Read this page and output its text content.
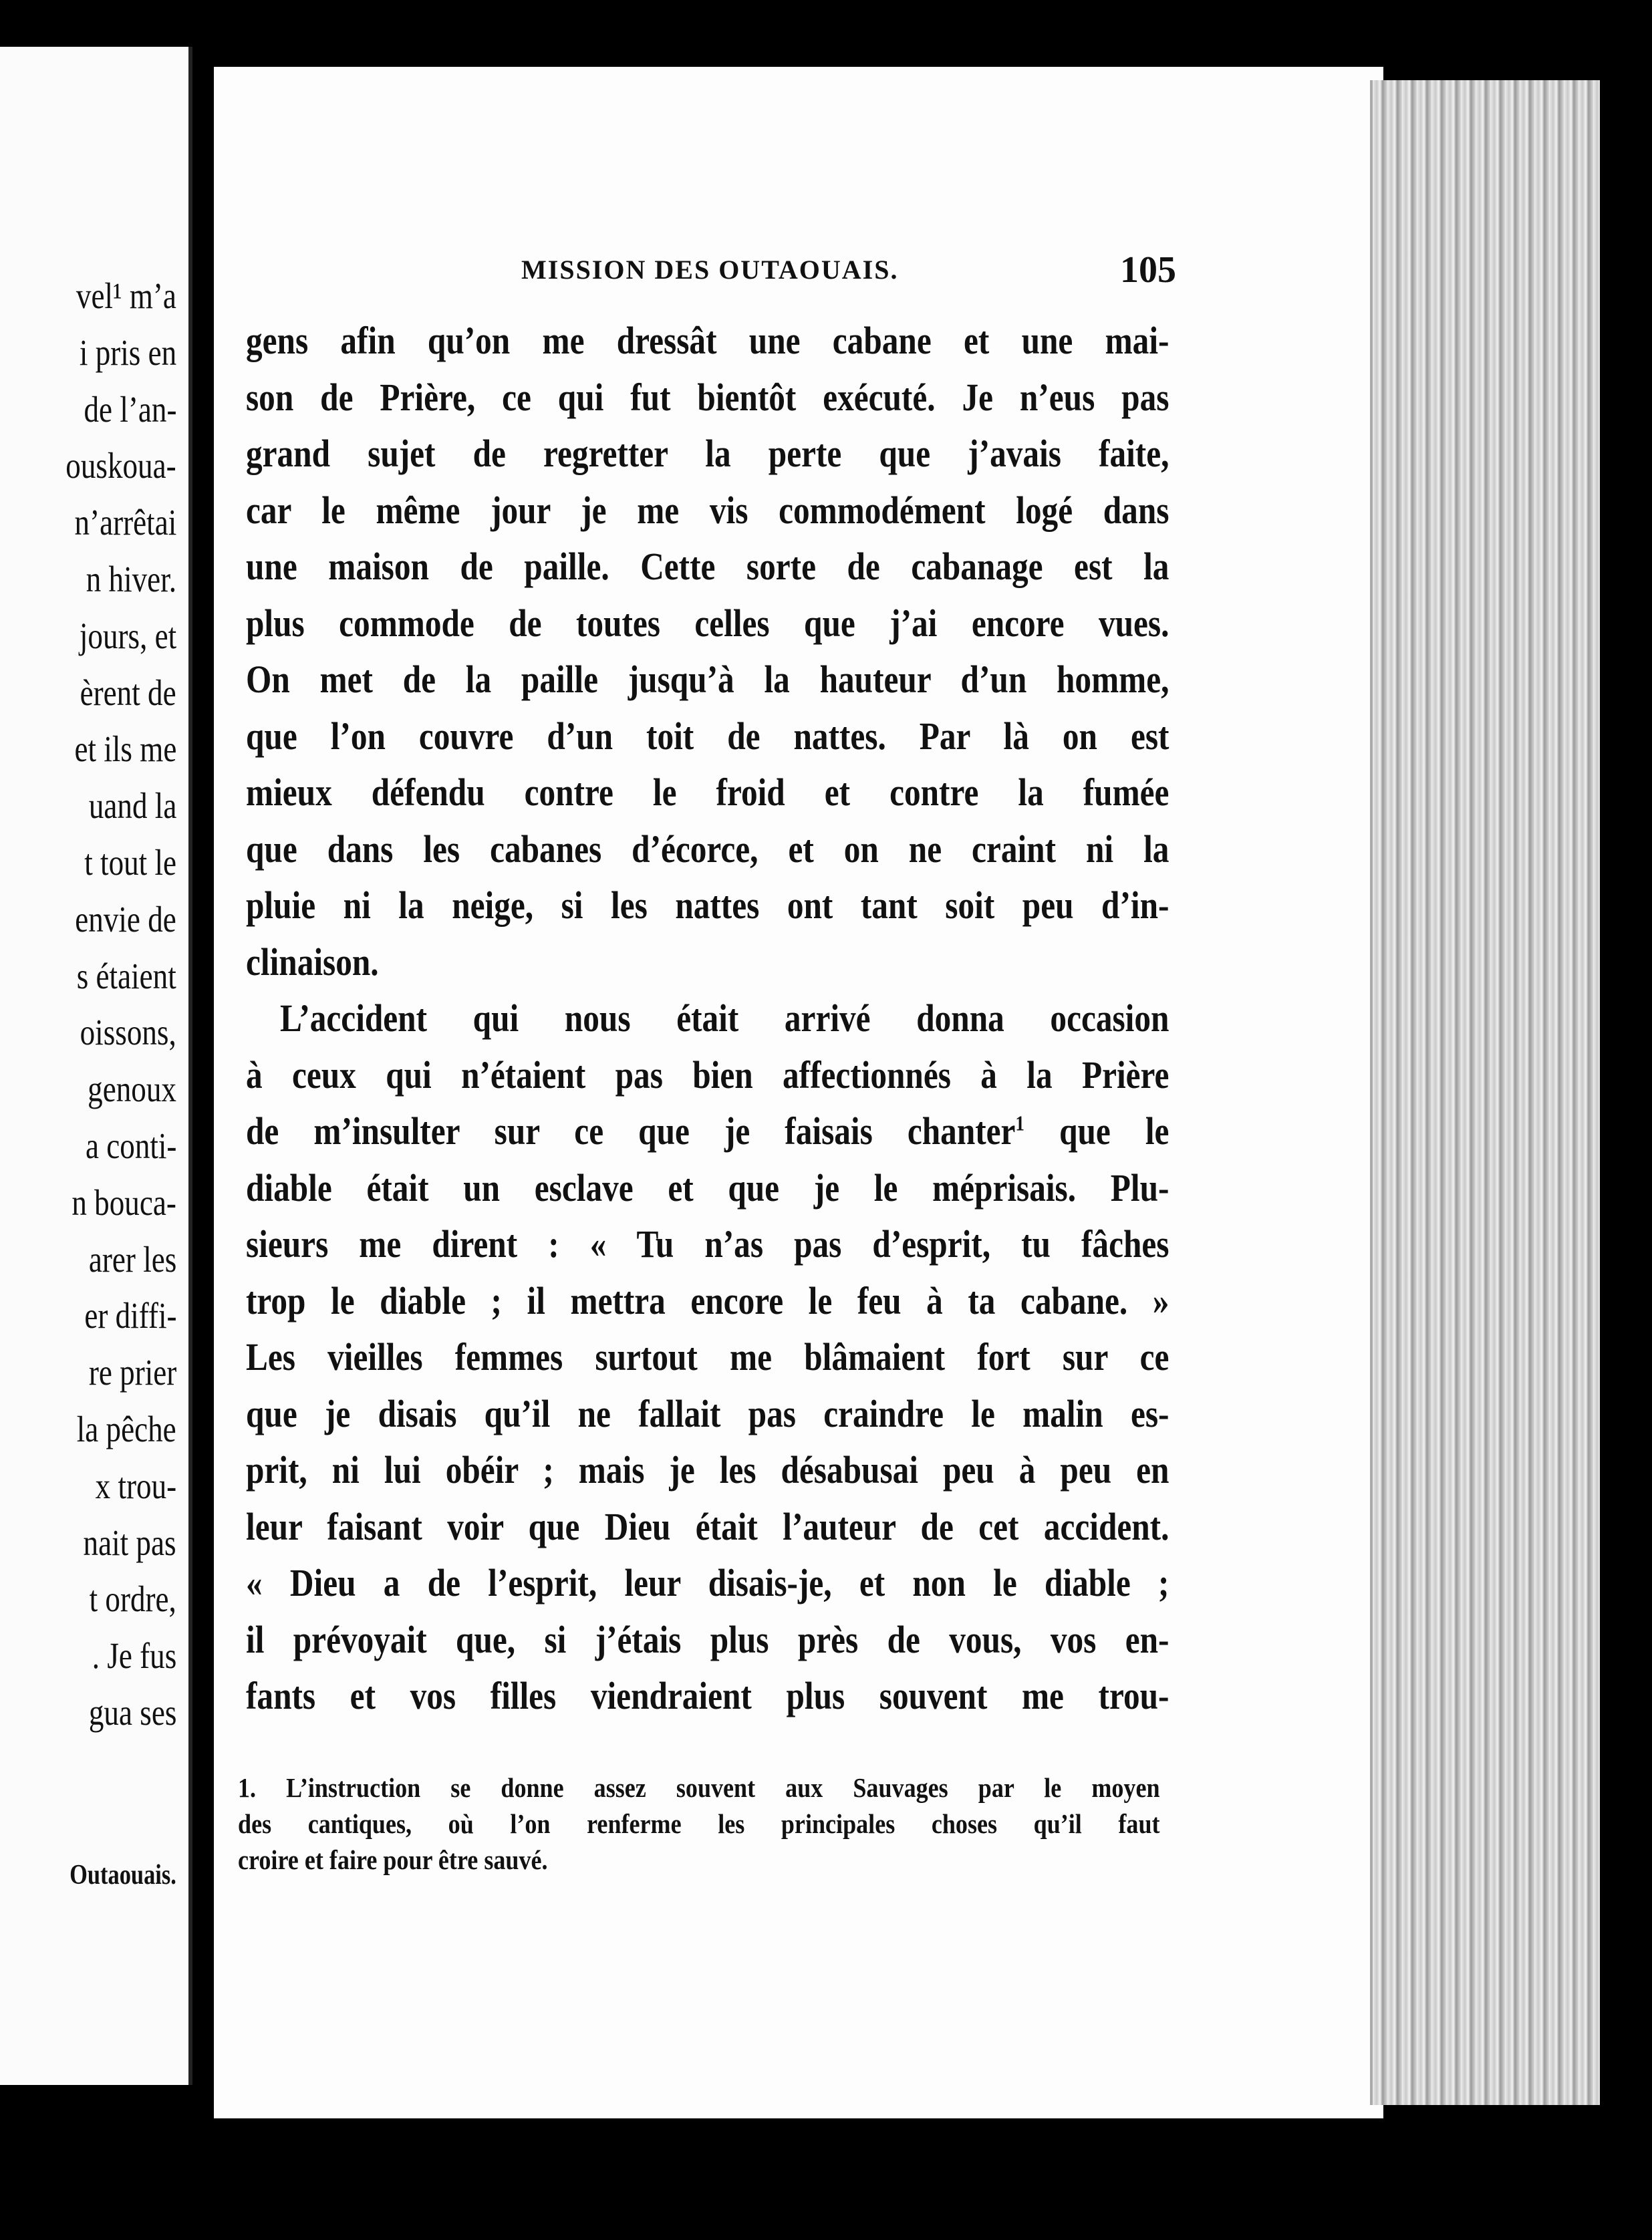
vel¹ m’a
i pris en
de l’an-
ouskoua-
n’arrêtai
n hiver.
jours, et
èrent de
et ils me
uand la
t tout le
envie de
s étaient
oissons,
genoux
a conti-
n bouca-
arer les
er diffi-
re prier
la pêche
x trou-
nait pas
t ordre,
. Je fus
gua ses
Outaouais.
MISSION DES OUTAOUAIS.	105
gens afin qu’on me dressât une cabane et une mai-
son de Prière, ce qui fut bientôt exécuté. Je n’eus pas
grand sujet de regretter la perte que j’avais faite,
car le même jour je me vis commodément logé dans
une maison de paille. Cette sorte de cabanage est la
plus commode de toutes celles que j’ai encore vues.
On met de la paille jusqu’à la hauteur d’un homme,
que l’on couvre d’un toit de nattes. Par là on est
mieux défendu contre le froid et contre la fumée
que dans les cabanes d’écorce, et on ne craint ni la
pluie ni la neige, si les nattes ont tant soit peu d’in-
clinaison.
L’accident qui nous était arrivé donna occasion
à ceux qui n’étaient pas bien affectionnés à la Prière
de m’insulter sur ce que je faisais chanter$^1$ que le
diable était un esclave et que je le méprisais. Plu-
sieurs me dirent : « Tu n’as pas d’esprit, tu fâches
trop le diable ; il mettra encore le feu à ta cabane. »
Les vieilles femmes surtout me blâmaient fort sur ce
que je disais qu’il ne fallait pas craindre le malin es-
prit, ni lui obéir ; mais je les désabusai peu à peu en
leur faisant voir que Dieu était l’auteur de cet accident.
« Dieu a de l’esprit, leur disais-je, et non le diable ;
il prévoyait que, si j’étais plus près de vous, vos en-
fants et vos filles viendraient plus souvent me trou-
1. L’instruction se donne assez souvent aux Sauvages par le moyen
des cantiques, où l’on renferme les principales choses qu’il faut
croire et faire pour être sauvé.
